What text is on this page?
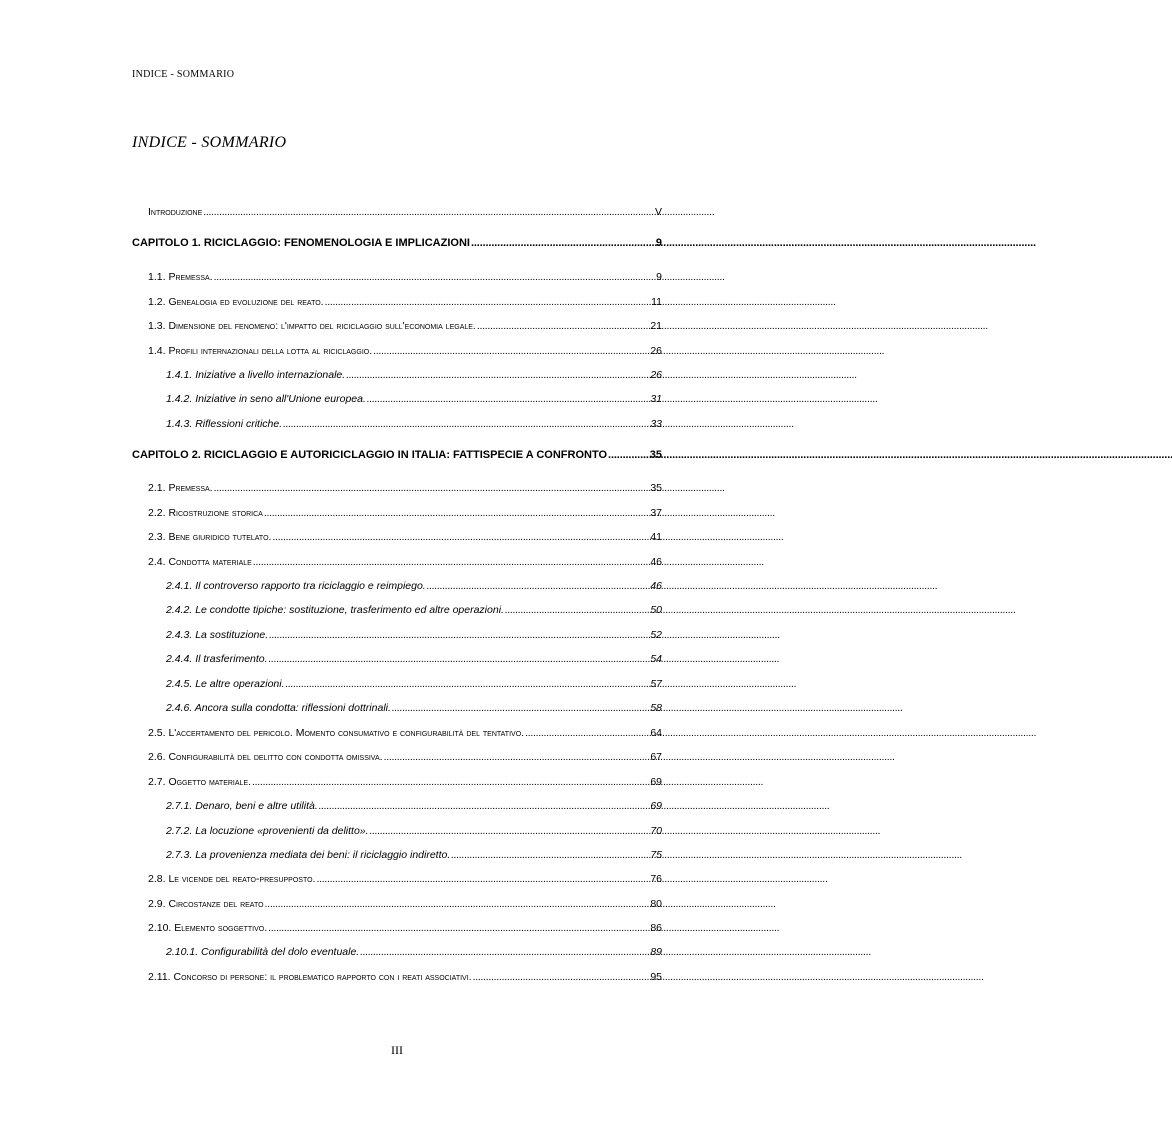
INDICE - SOMMARIO
INDICE - SOMMARIO
Introduzione . . .	V
CAPITOLO 1. RICICLAGGIO: FENOMENOLOGIA E IMPLICAZIONI . . .	9
1.1. Premessa. . . .	9
1.2. Genealogia ed evoluzione del reato. . . .	11
1.3. Dimensione del fenomeno: l'impatto del riciclaggio sull'economia legale. . . .	21
1.4. Profili internazionali della lotta al riciclaggio. . . .	26
1.4.1. Iniziative a livello internazionale. . . .	26
1.4.2. Iniziative in seno all'Unione europea. . . .	31
1.4.3. Riflessioni critiche. . . .	33
CAPITOLO 2. RICICLAGGIO E AUTORICICLAGGIO IN ITALIA: FATTISPECIE A CONFRONTO . . .	35
2.1. Premessa. . . .	35
2.2. Ricostruzione storica . . .	37
2.3. Bene giuridico tutelato. . . .	41
2.4. Condotta materiale . . .	46
2.4.1. Il controverso rapporto tra riciclaggio e reimpiego. . . .	46
2.4.2. Le condotte tipiche: sostituzione, trasferimento ed altre operazioni. . . .	50
2.4.3. La sostituzione. . . .	52
2.4.4. Il trasferimento. . . .	54
2.4.5. Le altre operazioni. . . .	57
2.4.6. Ancora sulla condotta: riflessioni dottrinali. . . .	58
2.5. L'accertamento del pericolo. Momento consumativo e configurabilità del tentativo. . . .	64
2.6. Configurabilità del delitto con condotta omissiva. . . .	67
2.7. Oggetto materiale. . . .	69
2.7.1. Denaro, beni e altre utilità. . . .	69
2.7.2. La locuzione «provenienti da delitto». . . .	70
2.7.3. La provenienza mediata dei beni: il riciclaggio indiretto. . . .	75
2.8. Le vicende del reato-presupposto. . . .	76
2.9. Circostanze del reato . . .	80
2.10. Elemento soggettivo. . . .	86
2.10.1. Configurabilità del dolo eventuale. . . .	89
2.11. Concorso di persone: il problematico rapporto con i reati associativi. . . .	95
III
